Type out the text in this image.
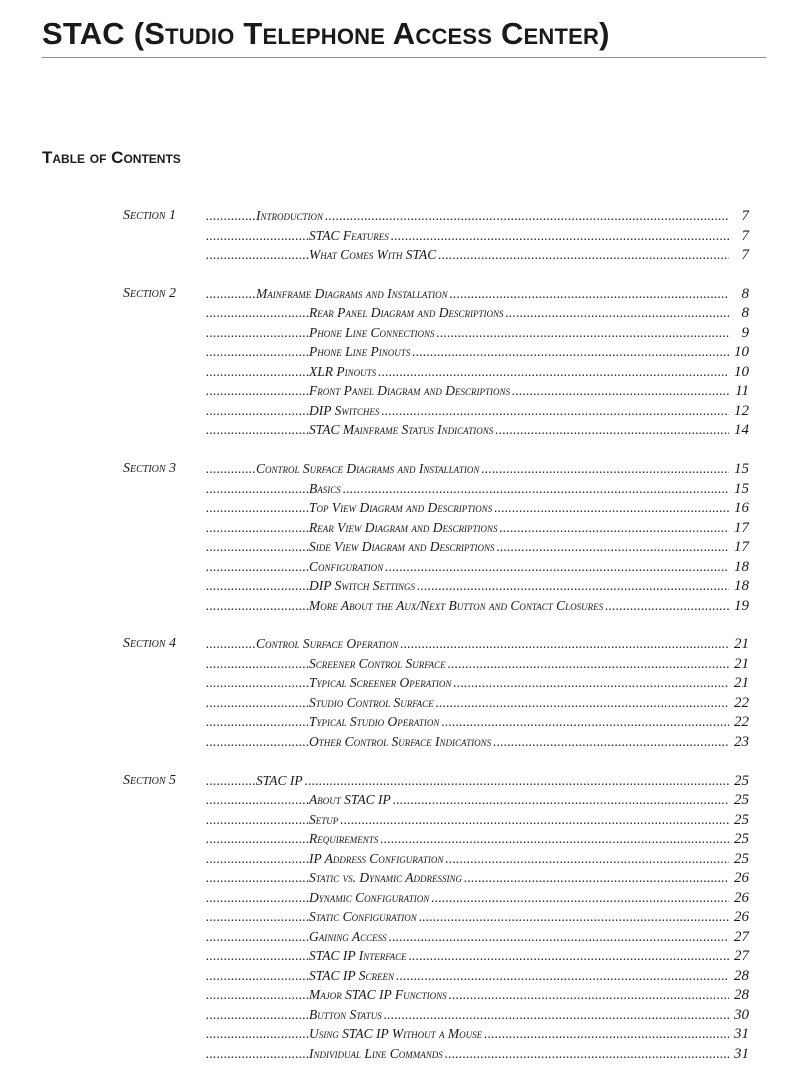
STAC (Studio Telephone Access Center)
Table of Contents
Section 1 .....	Introduction .....	7
.....
STAC Features .....	7
.....
What Comes With STAC .....	7
Section 2 .....	Mainframe Diagrams and Installation .....	8
.....
Rear Panel Diagram and Descriptions .....	8
.....
Phone Line Connections .....	9
.....
Phone Line Pinouts .....	10
.....
XLR Pinouts .....	10
.....
Front Panel Diagram and Descriptions .....	11
.....
DIP Switches .....	12
.....
STAC Mainframe Status Indications .....	14
Section 3 .....	Control Surface Diagrams and Installation .....	15
.....
Basics .....	15
.....
Top View Diagram and Descriptions .....	16
.....
Rear View Diagram and Descriptions .....	17
.....
Side View Diagram and Descriptions .....	17
.....
Configuration .....	18
.....
DIP Switch Settings .....	18
.....
More About the Aux/Next Button and Contact Closures .....	19
Section 4 .....	Control Surface Operation .....	21
.....
Screener Control Surface .....	21
.....
Typical Screener Operation .....	21
.....
Studio Control Surface .....	22
.....
Typical Studio Operation .....	22
.....
Other Control Surface Indications .....	23
Section 5 .....	STAC IP .....	25
.....
About STAC IP .....	25
.....
Setup .....	25
.....
Requirements .....	25
.....
IP Address Configuration .....	25
.....
Static vs. Dynamic Addressing .....	26
.....
Dynamic Configuration .....	26
.....
Static Configuration .....	26
.....
Gaining Access .....	27
.....
STAC IP Interface .....	27
.....
STAC IP Screen .....	28
.....
Major STAC IP Functions .....	28
.....
Button Status .....	30
.....
Using STAC IP Without a Mouse .....	31
.....
Individual Line Commands .....	31
